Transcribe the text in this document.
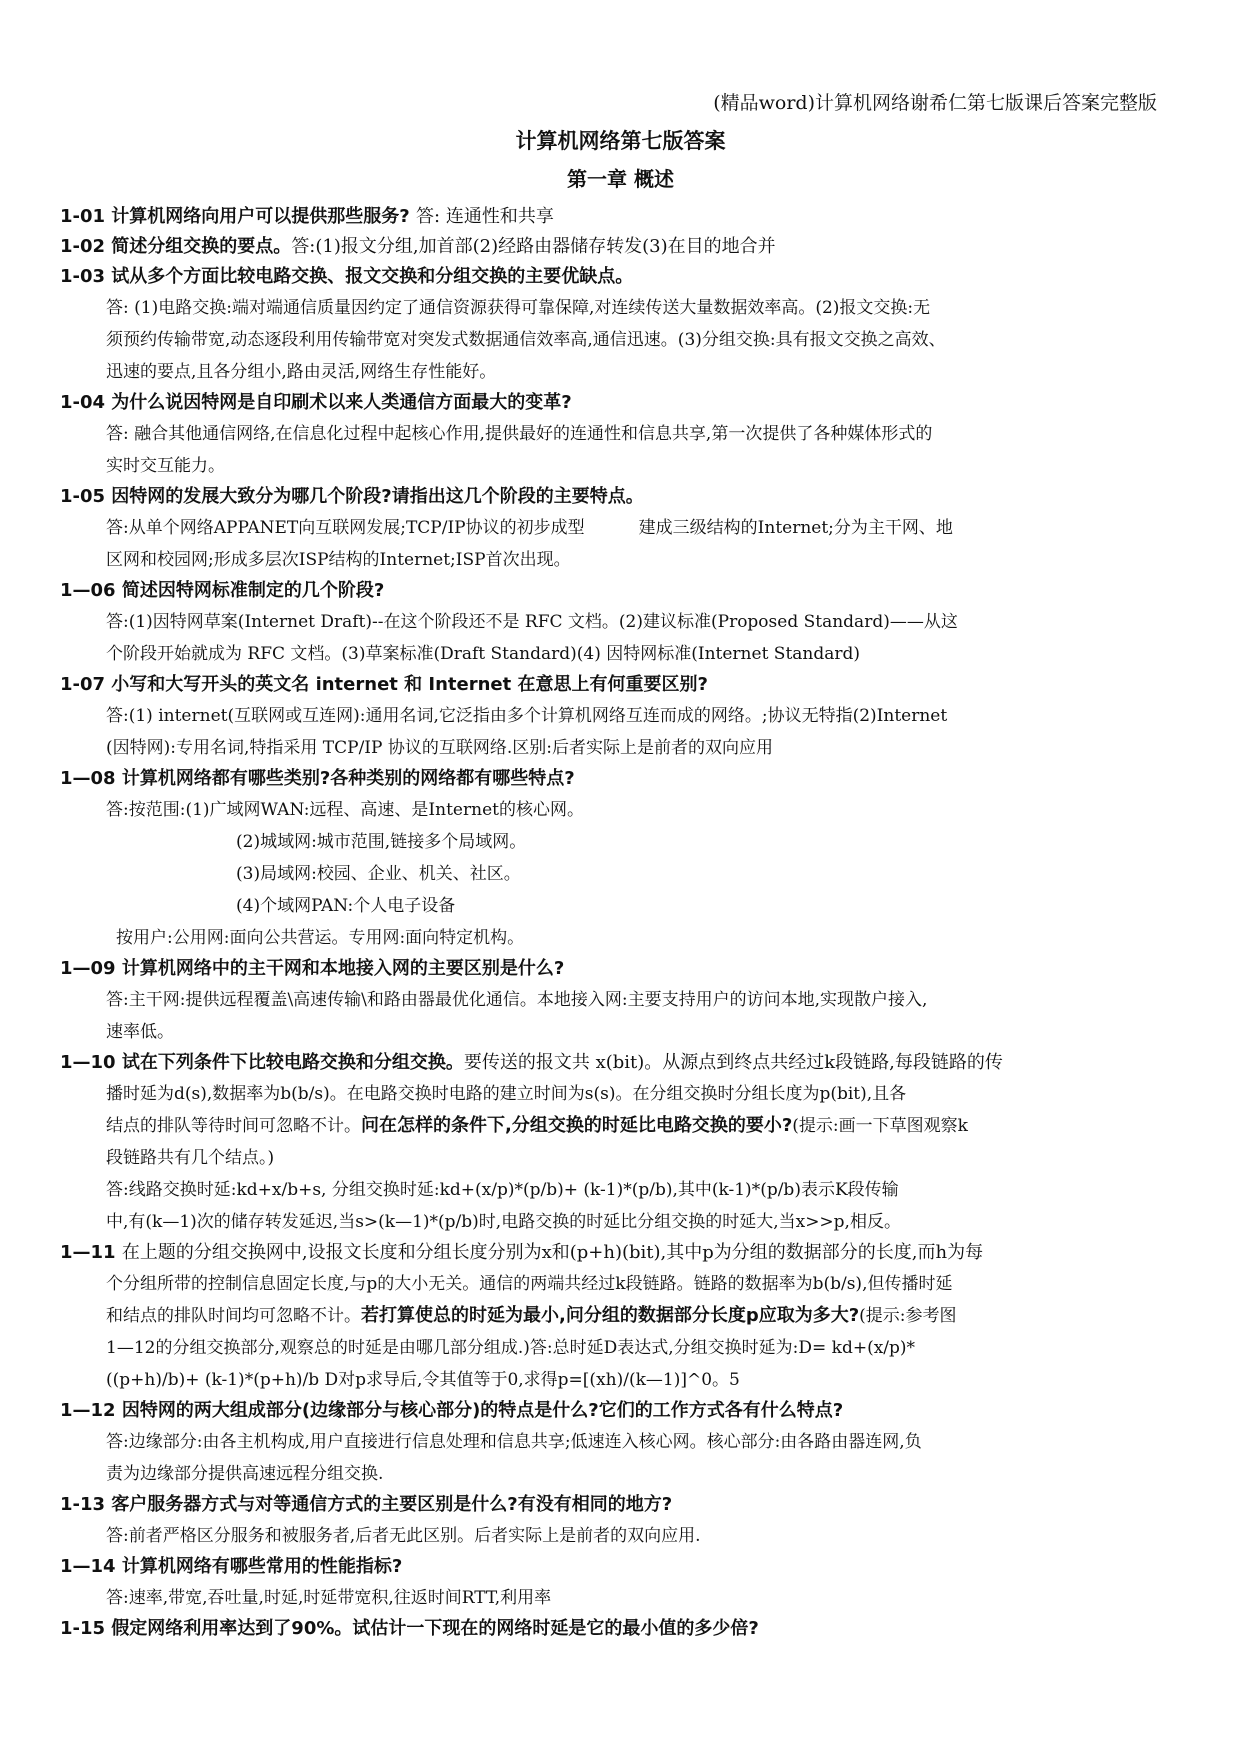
(精品word)计算机网络谢希仁第七版课后答案完整版
计算机网络第七版答案
第一章 概述
1-01 计算机网络向用户可以提供那些服务? 答: 连通性和共享
1-02 简述分组交换的要点。答:(1)报文分组,加首部(2)经路由器储存转发(3)在目的地合并
1-03 试从多个方面比较电路交换、报文交换和分组交换的主要优缺点。
答: (1)电路交换:端对端通信质量因约定了通信资源获得可靠保障,对连续传送大量数据效率高。(2)报文交换:无
须预约传输带宽,动态逐段利用传输带宽对突发式数据通信效率高,通信迅速。(3)分组交换:具有报文交换之高效、
迅速的要点,且各分组小,路由灵活,网络生存性能好。
1-04 为什么说因特网是自印刷术以来人类通信方面最大的变革?
答: 融合其他通信网络,在信息化过程中起核心作用,提供最好的连通性和信息共享,第一次提供了各种媒体形式的
实时交互能力。
1-05 因特网的发展大致分为哪几个阶段?请指出这几个阶段的主要特点。
答:从单个网络APPANET向互联网发展;TCP/IP协议的初步成型          建成三级结构的Internet;分为主干网、地
区网和校园网;形成多层次ISP结构的Internet;ISP首次出现。
1—06 简述因特网标准制定的几个阶段?
答:(1)因特网草案(Internet Draft)--在这个阶段还不是 RFC 文档。(2)建议标准(Proposed Standard)——从这
个阶段开始就成为 RFC 文档。(3)草案标准(Draft Standard)(4) 因特网标准(Internet Standard)
1-07 小写和大写开头的英文名 internet 和 Internet 在意思上有何重要区别?
答:(1) internet(互联网或互连网):通用名词,它泛指由多个计算机网络互连而成的网络。;协议无特指(2)Internet
(因特网):专用名词,特指采用 TCP/IP 协议的互联网络.区别:后者实际上是前者的双向应用
1—08 计算机网络都有哪些类别?各种类别的网络都有哪些特点?
答:按范围:(1)广域网WAN:远程、高速、是Internet的核心网。
(2)城域网:城市范围,链接多个局域网。
(3)局域网:校园、企业、机关、社区。
(4)个域网PAN:个人电子设备
按用户:公用网:面向公共营运。专用网:面向特定机构。
1—09 计算机网络中的主干网和本地接入网的主要区别是什么?
答:主干网:提供远程覆盖\高速传输\和路由器最优化通信。本地接入网:主要支持用户的访问本地,实现散户接入,
速率低。
1—10 试在下列条件下比较电路交换和分组交换。要传送的报文共 x(bit)。从源点到终点共经过k段链路,每段链路的传
播时延为d(s),数据率为b(b/s)。在电路交换时电路的建立时间为s(s)。在分组交换时分组长度为p(bit),且各
结点的排队等待时间可忽略不计。问在怎样的条件下,分组交换的时延比电路交换的要小?(提示:画一下草图观察k
段链路共有几个结点。)
答:线路交换时延:kd+x/b+s, 分组交换时延:kd+(x/p)*(p/b)+ (k-1)*(p/b),其中(k-1)*(p/b)表示K段传输
中,有(k—1)次的储存转发延迟,当s>(k—1)*(p/b)时,电路交换的时延比分组交换的时延大,当x>>p,相反。
1—11 在上题的分组交换网中,设报文长度和分组长度分别为x和(p+h)(bit),其中p为分组的数据部分的长度,而h为每
个分组所带的控制信息固定长度,与p的大小无关。通信的两端共经过k段链路。链路的数据率为b(b/s),但传播时延
和结点的排队时间均可忽略不计。若打算使总的时延为最小,问分组的数据部分长度p应取为多大?(提示:参考图
1—12的分组交换部分,观察总的时延是由哪几部分组成.)答:总时延D表达式,分组交换时延为:D= kd+(x/p)*
((p+h)/b)+ (k-1)*(p+h)/b D对p求导后,令其值等于0,求得p=[(xh)/(k—1)]^0。5
1—12 因特网的两大组成部分(边缘部分与核心部分)的特点是什么?它们的工作方式各有什么特点?
答:边缘部分:由各主机构成,用户直接进行信息处理和信息共享;低速连入核心网。核心部分:由各路由器连网,负
责为边缘部分提供高速远程分组交换.
1-13 客户服务器方式与对等通信方式的主要区别是什么?有没有相同的地方?
答:前者严格区分服务和被服务者,后者无此区别。后者实际上是前者的双向应用.
1—14 计算机网络有哪些常用的性能指标?
答:速率,带宽,吞吐量,时延,时延带宽积,往返时间RTT,利用率
1-15 假定网络利用率达到了90%。试估计一下现在的网络时延是它的最小值的多少倍?
